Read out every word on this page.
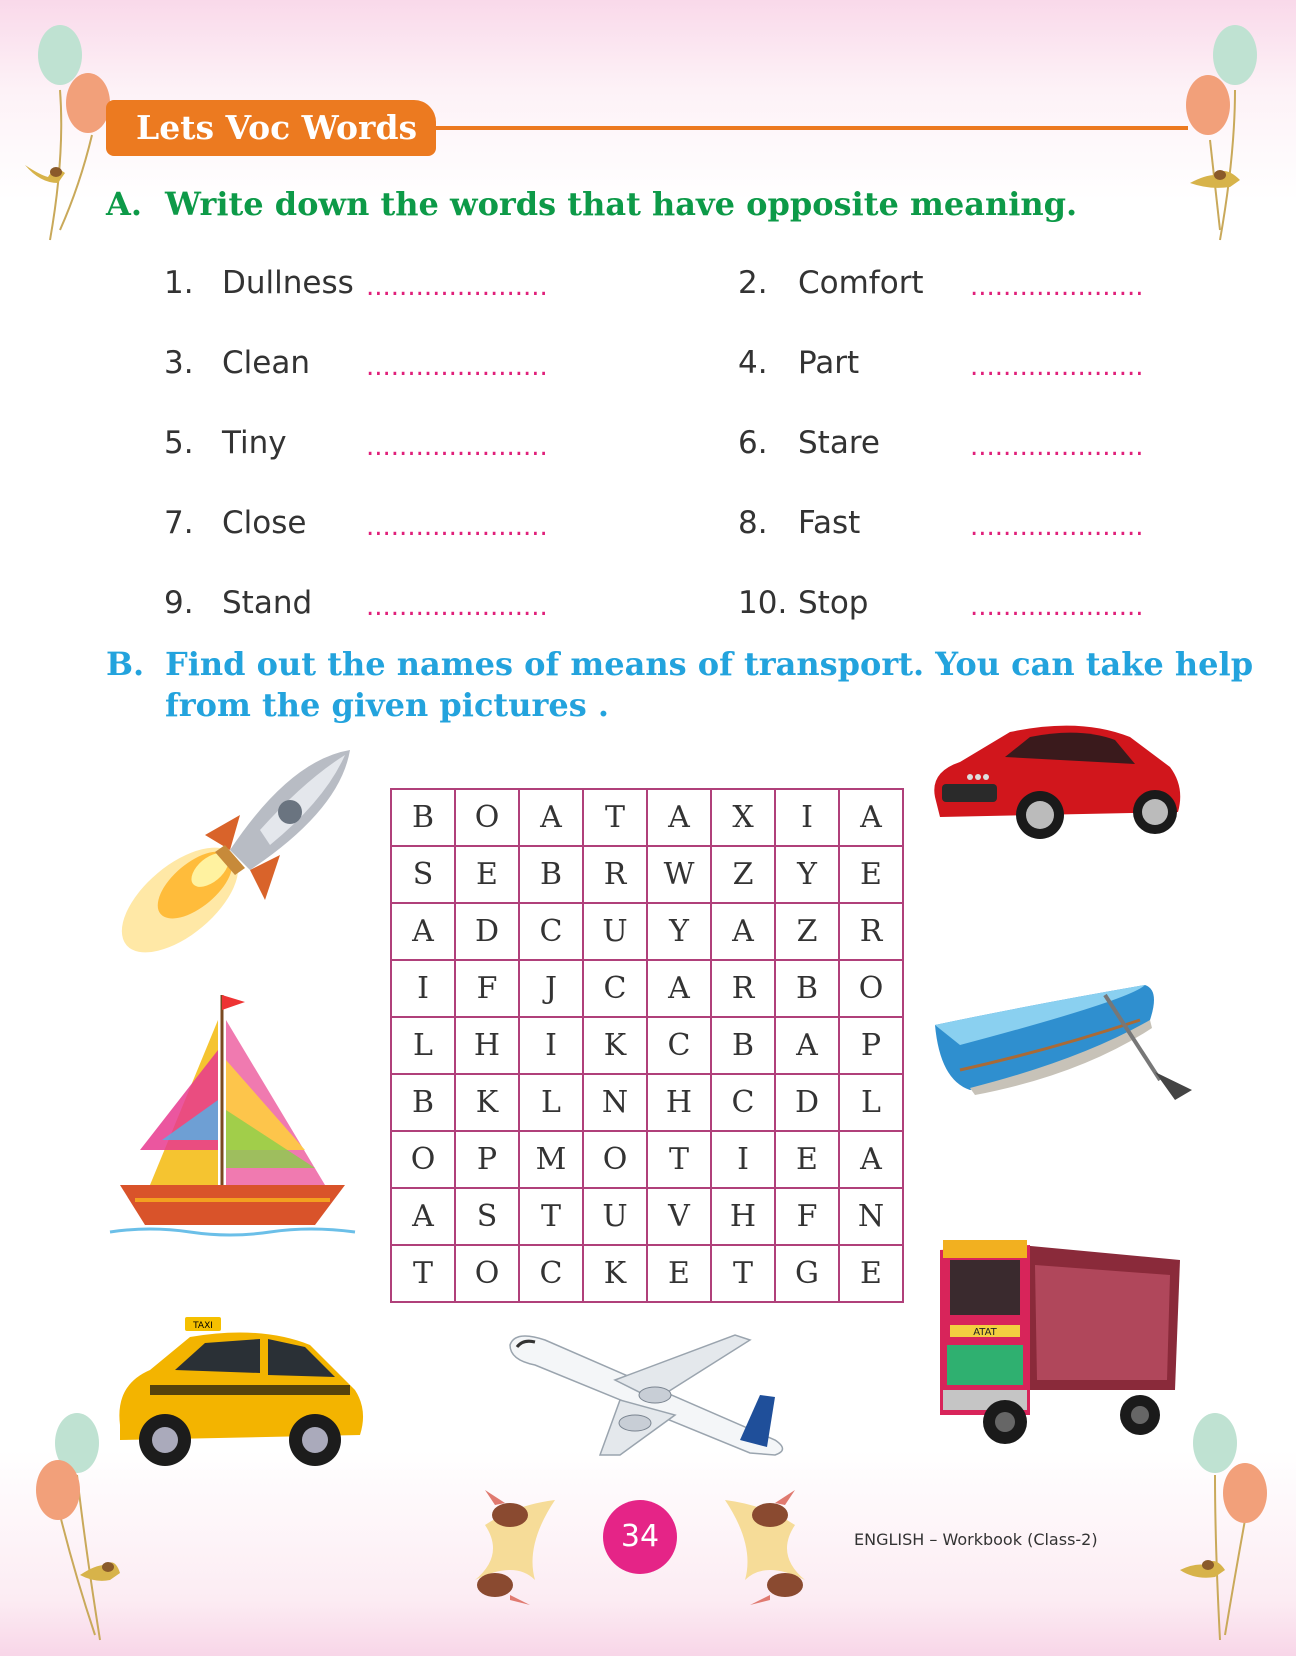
Lets Voc Words
A. Write down the words that have opposite meaning.
1. Dullness ......................	2. Comfort .....................
3. Clean ......................	4. Part	.....................
5. Tiny	......................	6. Stare	.....................
7. Close ......................	8. Fast	.....................
9. Stand ......................	10. Stop	.....................
B. Find out the names of means of transport. You can take help
from the given pictures .
B	O	A	T	A	X	I	A
S	E	B	R	W	Z	Y	E
A	D	C	U	Y	A	Z	R
I	F	J	C	A	R	B	O
L	H	I	K	C	B	A	P
B	K	L	N	H	C	D	L
O	P	M	O	T	I	E	A
A	S	T	U	V	H	F	N
T	O	C	K	E	T	G	E
TAXI
ATAT
34	ENGLISH – Workbook (Class-2)
